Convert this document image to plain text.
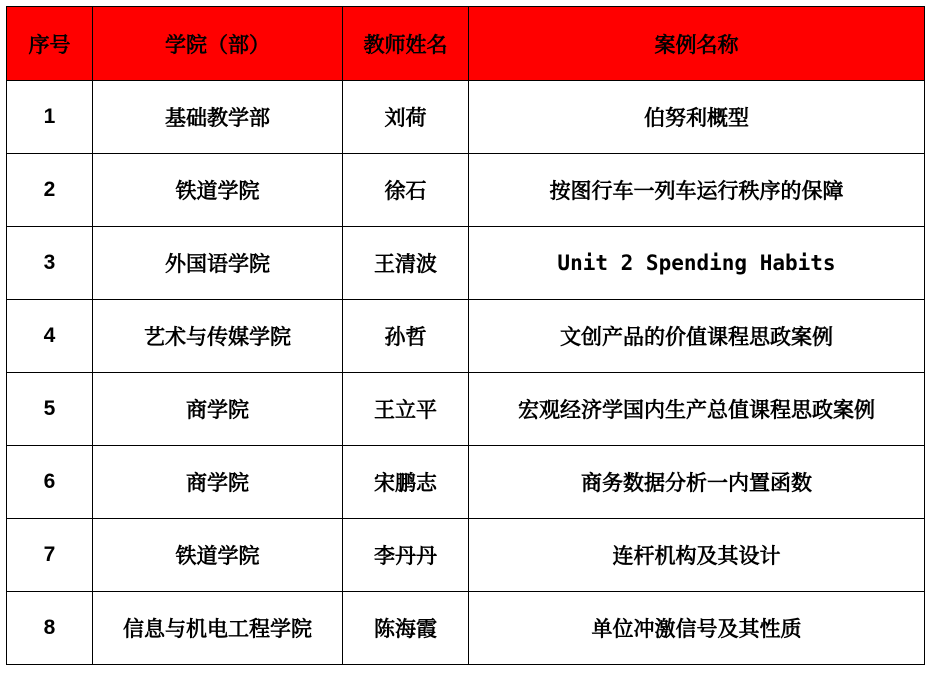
序号	学院（部）	教师姓名	案例名称
1	基础教学部	刘荷	伯努利概型
2	铁道学院	徐石	按图行车一列车运行秩序的保障
3	外国语学院	王清波	Unit 2 Spending Habits
4	艺术与传媒学院	孙哲	文创产品的价值课程思政案例
5	商学院	王立平	宏观经济学国内生产总值课程思政案例
6	商学院	宋鹏志	商务数据分析一内置函数
7	铁道学院	李丹丹	连杆机构及其设计
8	信息与机电工程学院	陈海霞	单位冲激信号及其性质
